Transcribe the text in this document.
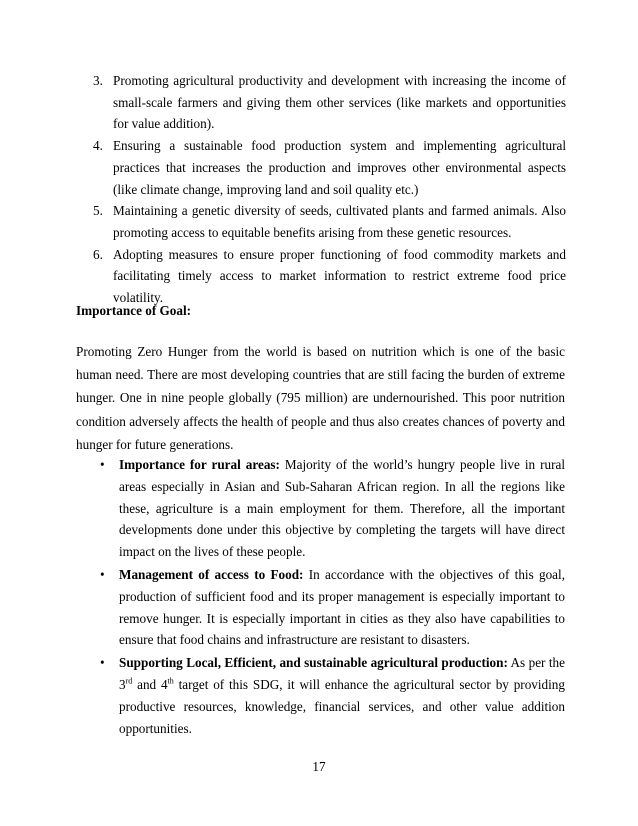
3. Promoting agricultural productivity and development with increasing the income of small-scale farmers and giving them other services (like markets and opportunities for value addition).
4. Ensuring a sustainable food production system and implementing agricultural practices that increases the production and improves other environmental aspects (like climate change, improving land and soil quality etc.)
5. Maintaining a genetic diversity of seeds, cultivated plants and farmed animals. Also promoting access to equitable benefits arising from these genetic resources.
6. Adopting measures to ensure proper functioning of food commodity markets and facilitating timely access to market information to restrict extreme food price volatility.

Importance of Goal:

Promoting Zero Hunger from the world is based on nutrition which is one of the basic human need. There are most developing countries that are still facing the burden of extreme hunger. One in nine people globally (795 million) are undernourished. This poor nutrition condition adversely affects the health of people and thus also creates chances of poverty and hunger for future generations.

• Importance for rural areas: Majority of the world’s hungry people live in rural areas especially in Asian and Sub-Saharan African region. In all the regions like these, agriculture is a main employment for them. Therefore, all the important developments done under this objective by completing the targets will have direct impact on the lives of these people.
• Management of access to Food: In accordance with the objectives of this goal, production of sufficient food and its proper management is especially important to remove hunger. It is especially important in cities as they also have capabilities to ensure that food chains and infrastructure are resistant to disasters.
• Supporting Local, Efficient, and sustainable agricultural production: As per the 3rd and 4th target of this SDG, it will enhance the agricultural sector by providing productive resources, knowledge, financial services, and other value addition opportunities.
17
